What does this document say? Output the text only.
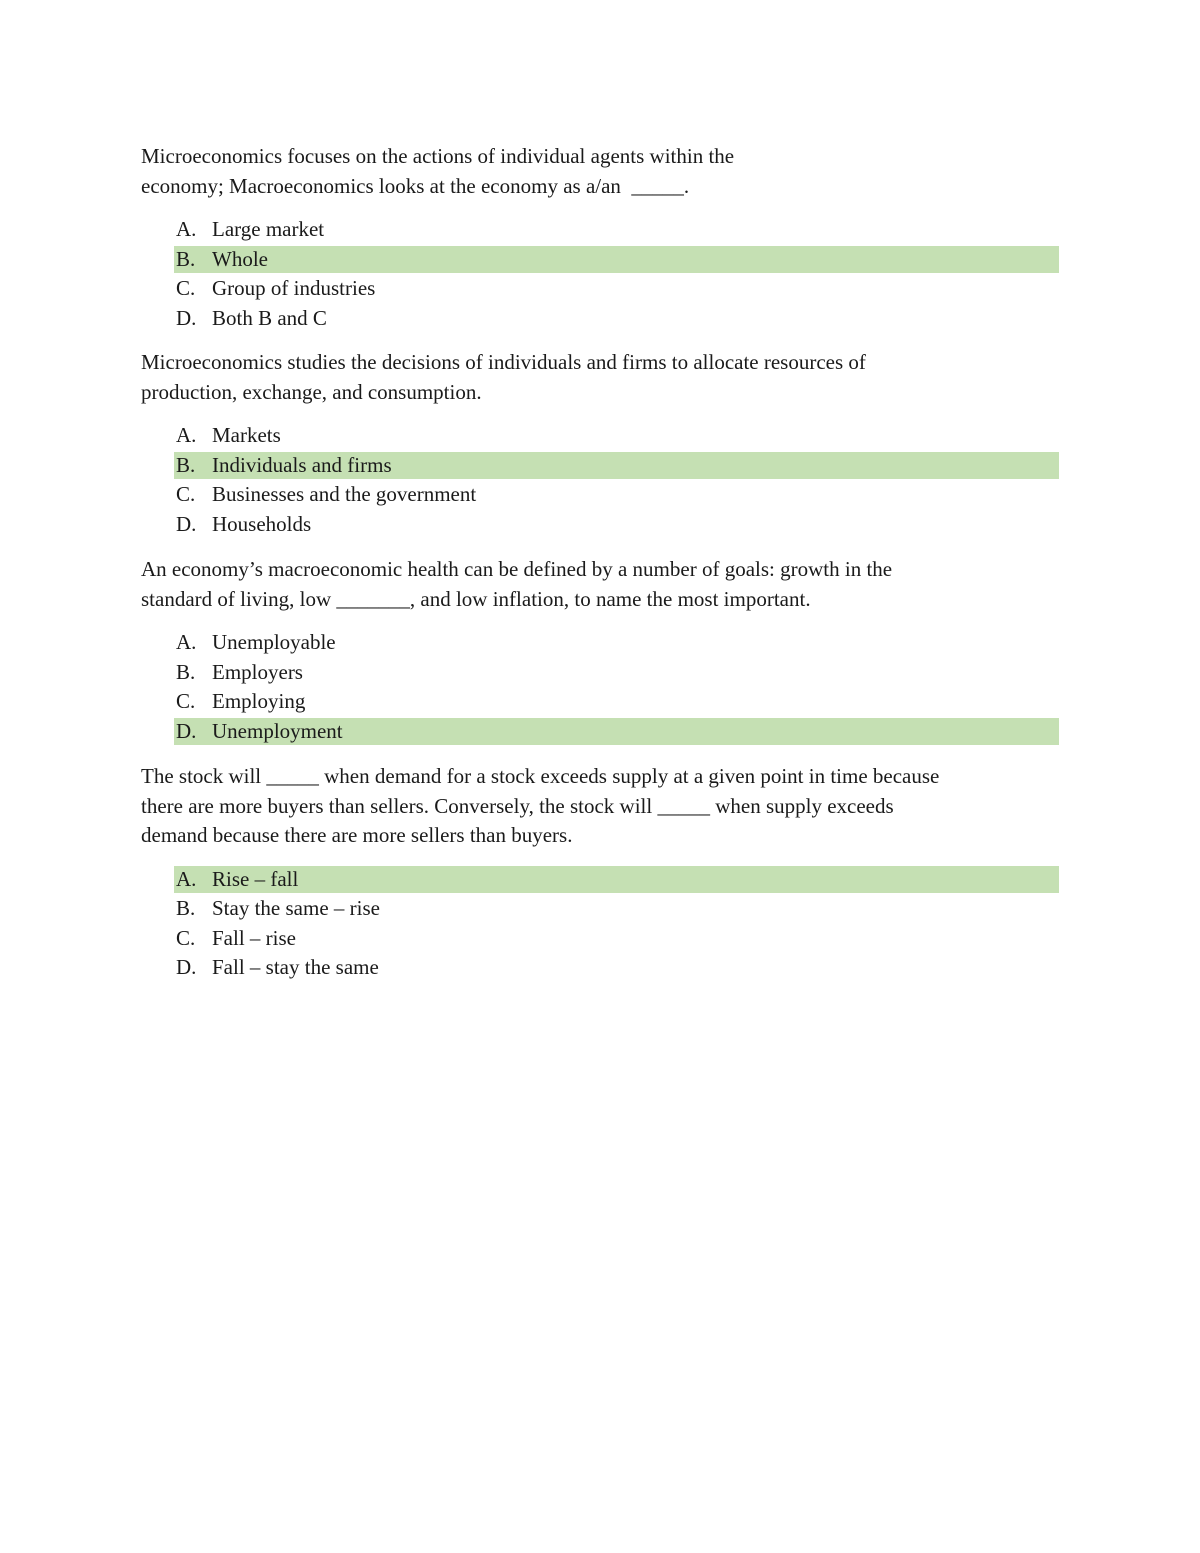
Microeconomics focuses on the actions of individual agents within the
economy; Macroeconomics looks at the economy as a/an  _____.

A. Large market
B. Whole
C. Group of industries
D. Both B and C

Microeconomics studies the decisions of individuals and firms to allocate resources of
production, exchange, and consumption.

A. Markets
B. Individuals and firms
C. Businesses and the government
D. Households

An economy’s macroeconomic health can be defined by a number of goals: growth in the
standard of living, low _______, and low inflation, to name the most important.

A. Unemployable
B. Employers
C. Employing
D. Unemployment

The stock will _____ when demand for a stock exceeds supply at a given point in time because
there are more buyers than sellers. Conversely, the stock will _____ when supply exceeds
demand because there are more sellers than buyers.

A. Rise – fall
B. Stay the same – rise
C. Fall – rise
D. Fall – stay the same
